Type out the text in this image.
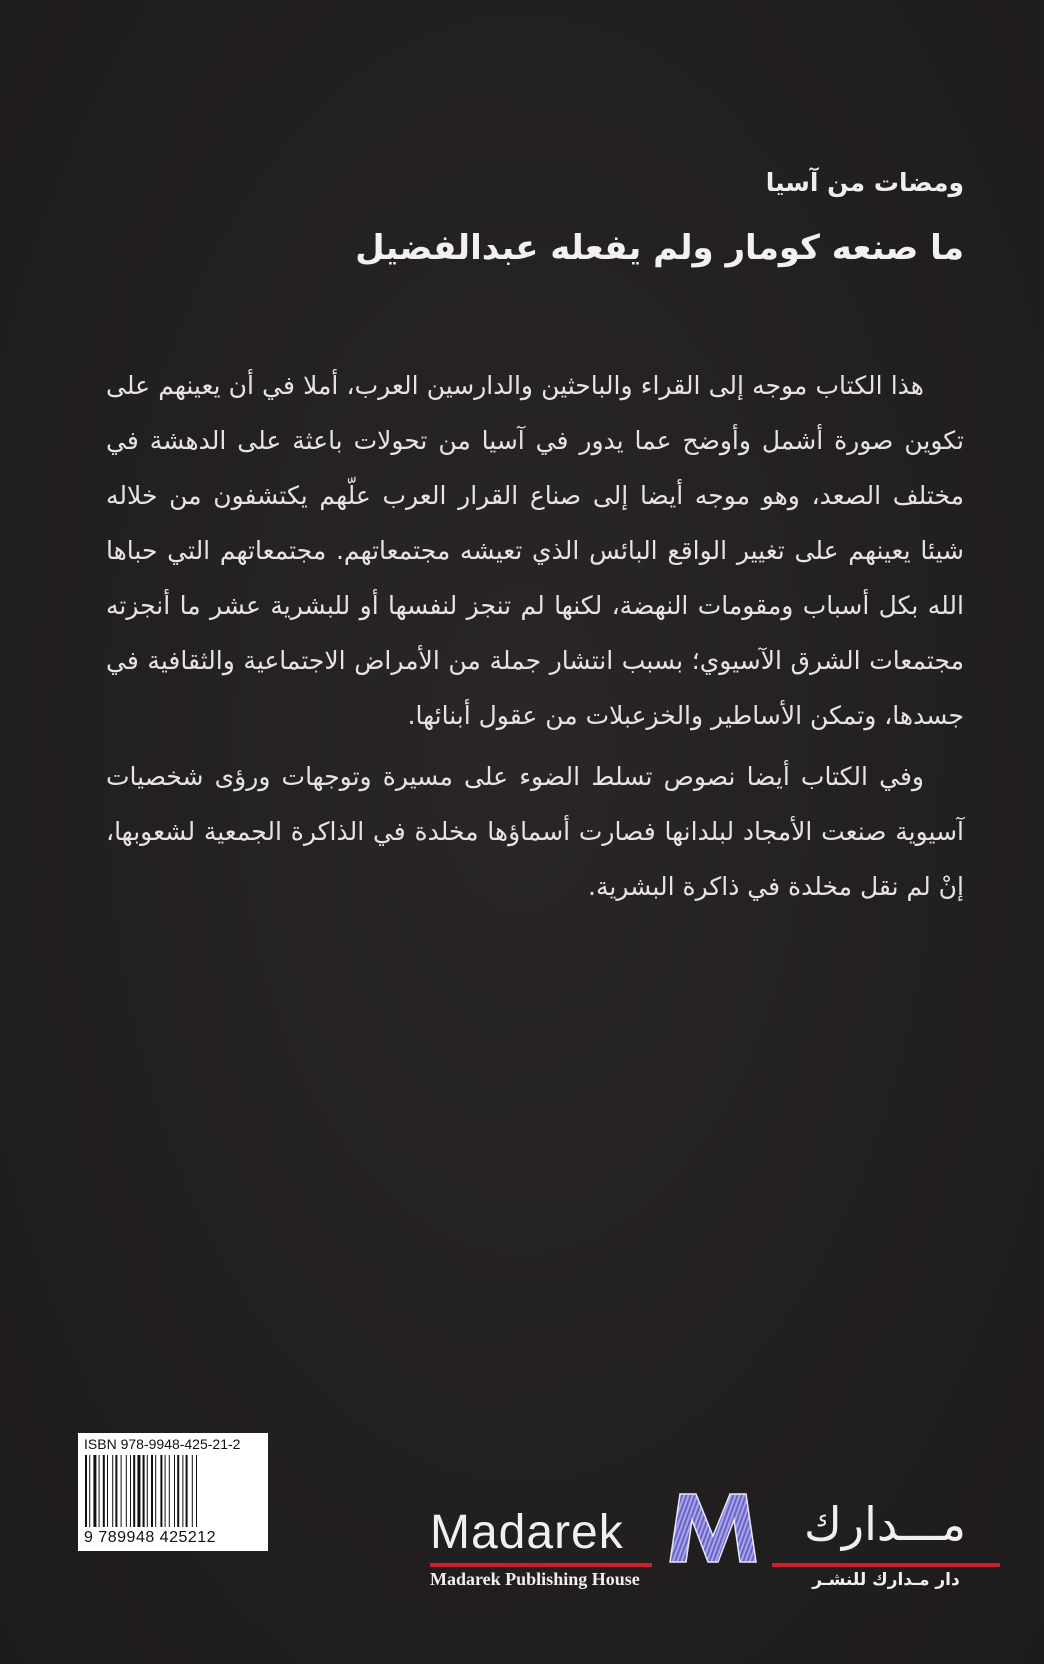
ومضات من آسيا
ما صنعه كومار ولم يفعله عبدالفضيل

هذا الكتاب موجه إلى القراء والباحثين والدارسين العرب، أملا في أن يعينهم على تكوين صورة أشمل وأوضح عما يدور في آسيا من تحولات باعثة على الدهشة في مختلف الصعد، وهو موجه أيضا إلى صناع القرار العرب علّهم يكتشفون من خلاله شيئا يعينهم على تغيير الواقع البائس الذي تعيشه مجتمعاتهم. مجتمعاتهم التي حباها الله بكل أسباب ومقومات النهضة، لكنها لم تنجز لنفسها أو للبشرية عشر ما أنجزته مجتمعات الشرق الآسيوي؛ بسبب انتشار جملة من الأمراض الاجتماعية والثقافية في جسدها، وتمكن الأساطير والخزعبلات من عقول أبنائها.

وفي الكتاب أيضا نصوص تسلط الضوء على مسيرة وتوجهات ورؤى شخصيات آسيوية صنعت الأمجاد لبلدانها فصارت أسماؤها مخلدة في الذاكرة الجمعية لشعوبها، إنْ لم نقل مخلدة في ذاكرة البشرية.

ISBN 978-9948-425-21-2
9 789948 425212	Madarek
Madarek Publishing House
مـــدارك
دار مـدارك للنشـر
